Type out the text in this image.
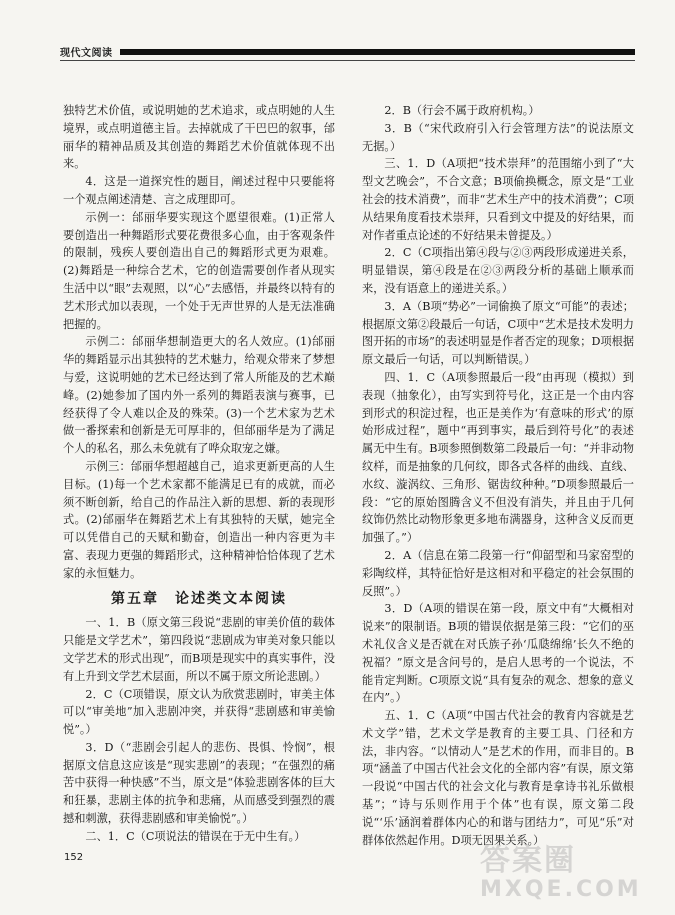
现代文阅读

独特艺术价值，或说明她的艺术追求，或点明她的人生境界，或点明道德主旨。去掉就成了干巴巴的叙事，邰丽华的精神品质及其创造的舞蹈艺术价值就体现不出来。

4．这是一道探究性的题目，阐述过程中只要能将一个观点阐述清楚、言之成理即可。

示例一：邰丽华要实现这个愿望很难。(1)正常人要创造出一种舞蹈形式要花费很多心血，由于客观条件的限制，残疾人要创造出自己的舞蹈形式更为艰难。(2)舞蹈是一种综合艺术，它的创造需要创作者从现实生活中以“眼”去观照，以“心”去感悟，并最终以特有的艺术形式加以表现，一个处于无声世界的人是无法准确把握的。

示例二：邰丽华想制造更大的名人效应。(1)邰丽华的舞蹈显示出其独特的艺术魅力，给观众带来了梦想与爱，这说明她的艺术已经达到了常人所能及的艺术巅峰。(2)她参加了国内外一系列的舞蹈表演与赛事，已经获得了令人难以企及的殊荣。(3)一个艺术家为艺术做一番探索和创新是无可厚非的，但邰丽华是为了满足个人的私名，那么未免就有了哗众取宠之嫌。

示例三：邰丽华想超越自己，追求更新更高的人生目标。(1)每一个艺术家都不能满足已有的成就，而必须不断创新，给自己的作品注入新的思想、新的表现形式。(2)邰丽华在舞蹈艺术上有其独特的天赋，她完全可以凭借自己的天赋和勤奋，创造出一种内容更为丰富、表现力更强的舞蹈形式，这种精神恰恰体现了艺术家的永恒魅力。

第五章　论述类文本阅读

一、1．B（原文第三段说“悲剧的审美价值的载体只能是文学艺术”，第四段说“悲剧成为审美对象只能以文学艺术的形式出现”，而B项是现实中的真实事件，没有上升到文学艺术层面，所以不属于原文所论悲剧。）

2．C（C项错误，原文认为欣赏悲剧时，审美主体可以“审美地”加入悲剧冲突，并获得“悲剧感和审美愉悦”。）

3．D（“悲剧会引起人的悲伤、畏惧、怜悯”，根据原文信息这应该是“现实悲剧”的表现；“在强烈的痛苦中获得一种快感”不当，原文是“体验悲剧客体的巨大和狂暴，悲剧主体的抗争和悲痛，从而感受到强烈的震撼和刺激，获得悲剧感和审美愉悦”。）

二、1．C（C项说法的错误在于无中生有。）

2．B（行会不属于政府机构。）

3．B（“宋代政府引入行会管理方法”的说法原文无据。）

三、1．D（A项把“技术崇拜”的范围缩小到了“大型文艺晚会”，不合文意；B项偷换概念，原文是“工业社会的技术消费”，而非“艺术生产中的技术消费”；C项从结果角度看技术崇拜，只看到文中提及的好结果，而对作者重点论述的不好结果未曾提及。）

2．C（C项指出第④段与②③两段形成递进关系，明显错误，第④段是在②③两段分析的基础上顺承而来，没有语意上的递进关系。）

3．A（B项“势必”一词偷换了原文“可能”的表述；根据原文第②段最后一句话，C项中“艺术是技术发明力图开拓的市场”的表述明显是作者否定的现象；D项根据原文最后一句话，可以判断错误。）

四、1．C（A项参照最后一段“由再现（模拟）到表现（抽象化），由写实到符号化，这正是一个由内容到形式的积淀过程，也正是美作为‘有意味的形式’的原始形成过程”，题中“再到事实，最后到符号化”的表述属无中生有。B项参照倒数第二段最后一句：“并非动物纹样，而是抽象的几何纹，即各式各样的曲线、直线、水纹、漩涡纹、三角形、锯齿纹种种。”D项参照最后一段：“它的原始图腾含义不但没有消失，并且由于几何纹饰仍然比动物形象更多地布满器身，这种含义反而更加强了。”）

2．A（信息在第二段第一行“仰韶型和马家窑型的彩陶纹样，其特征恰好是这相对和平稳定的社会氛围的反照”。）

3．D（A项的错误在第一段，原文中有“大概相对说来”的限制语。B项的错误依据是第三段：“它们的巫术礼仪含义是否就在对氏族子孙‘瓜瓞绵绵’长久不绝的祝福？”原文是含问号的，是启人思考的一个说法，不能肯定判断。C项原文说“具有复杂的观念、想象的意义在内”。）

五、1．C（A项“中国古代社会的教育内容就是艺术文学”错，艺术文学是教育的主要工具、门径和方法，非内容。“以情动人”是艺术的作用，而非目的。B项“涵盖了中国古代社会文化的全部内容”有误，原文第一段说“中国古代的社会文化与教育是拿诗书礼乐做根基”；“诗与乐则作用于个体”也有误，原文第二段说“‘乐’涵润着群体内心的和谐与团结力”，可见“乐”对群体依然起作用。D项无因果关系。）

152	答案圈
MXQE.COM
